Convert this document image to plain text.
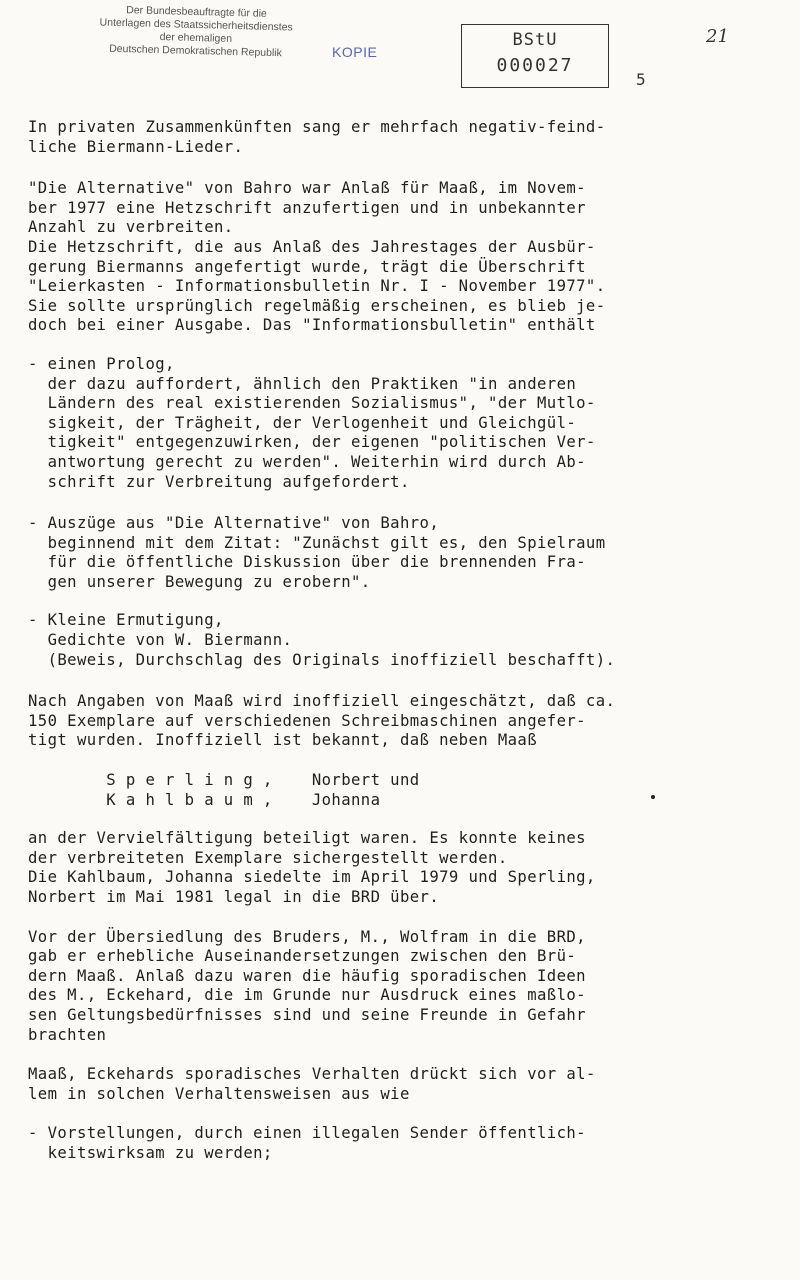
Der Bundesbeauftragte für die
Unterlagen des Staatssicherheitsdienstes
der ehemaligen
Deutschen Demokratischen Republik	KOPIE
BStU
000027
5
21
In privaten Zusammenkünften sang er mehrfach negativ-feind-
liche Biermann-Lieder.
"Die Alternative" von Bahro war Anlaß für Maaß, im Novem-
ber 1977 eine Hetzschrift anzufertigen und in unbekannter
Anzahl zu verbreiten.
Die Hetzschrift, die aus Anlaß des Jahrestages der Ausbür-
gerung Biermanns angefertigt wurde, trägt die Überschrift
"Leierkasten - Informationsbulletin Nr. I - November 1977".
Sie sollte ursprünglich regelmäßig erscheinen, es blieb je-
doch bei einer Ausgabe. Das "Informationsbulletin" enthält
- einen Prolog,
der dazu auffordert, ähnlich den Praktiken "in anderen
Ländern des real existierenden Sozialismus", "der Mutlo-
sigkeit, der Trägheit, der Verlogenheit und Gleichgül-
tigkeit" entgegenzuwirken, der eigenen "politischen Ver-
antwortung gerecht zu werden". Weiterhin wird durch Ab-
schrift zur Verbreitung aufgefordert.
- Auszüge aus "Die Alternative" von Bahro,
beginnend mit dem Zitat: "Zunächst gilt es, den Spielraum
für die öffentliche Diskussion über die brennenden Fra-
gen unserer Bewegung zu erobern".
- Kleine Ermutigung,
Gedichte von W. Biermann.
(Beweis, Durchschlag des Originals inoffiziell beschafft).
Nach Angaben von Maaß wird inoffiziell eingeschätzt, daß ca.
150 Exemplare auf verschiedenen Schreibmaschinen angefer-
tigt wurden. Inoffiziell ist bekannt, daß neben Maaß
S p e r l i n g ,    Norbert und
K a h l b a u m ,    Johanna
an der Vervielfältigung beteiligt waren. Es konnte keines
der verbreiteten Exemplare sichergestellt werden.
Die Kahlbaum, Johanna siedelte im April 1979 und Sperling,
Norbert im Mai 1981 legal in die BRD über.
Vor der Übersiedlung des Bruders, M., Wolfram in die BRD,
gab er erhebliche Auseinandersetzungen zwischen den Brü-
dern Maaß. Anlaß dazu waren die häufig sporadischen Ideen
des M., Eckehard, die im Grunde nur Ausdruck eines maßlo-
sen Geltungsbedürfnisses sind und seine Freunde in Gefahr
brachten
Maaß, Eckehards sporadisches Verhalten drückt sich vor al-
lem in solchen Verhaltensweisen aus wie
- Vorstellungen, durch einen illegalen Sender öffentlich-
keitswirksam zu werden;
